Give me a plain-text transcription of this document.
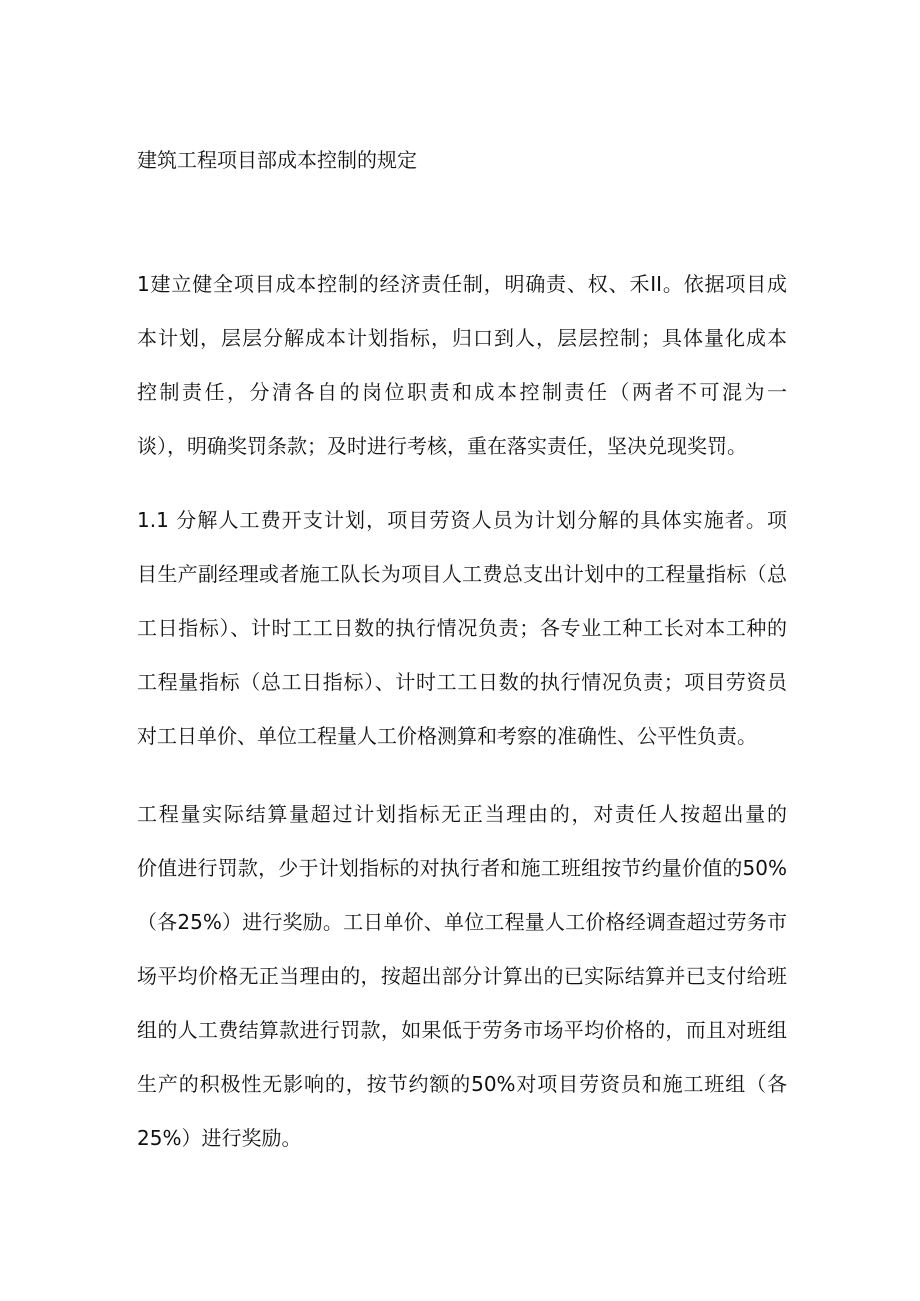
建筑工程项目部成本控制的规定
1建立健全项目成本控制的经济责任制，明确责、权、禾II。依据项目成
本计划，层层分解成本计划指标，归口到人，层层控制；具体量化成本
控制责任，分清各自的岗位职责和成本控制责任（两者不可混为一
谈），明确奖罚条款；及时进行考核，重在落实责任，坚决兑现奖罚。
1.1 分解人工费开支计划，项目劳资人员为计划分解的具体实施者。项
目生产副经理或者施工队长为项目人工费总支出计划中的工程量指标（总
工日指标）、计时工工日数的执行情况负责；各专业工种工长对本工种的
工程量指标（总工日指标）、计时工工日数的执行情况负责；项目劳资员
对工日单价、单位工程量人工价格测算和考察的准确性、公平性负责。
工程量实际结算量超过计划指标无正当理由的，对责任人按超出量的
价值进行罚款，少于计划指标的对执行者和施工班组按节约量价值的50%
（各25%）进行奖励。工日单价、单位工程量人工价格经调查超过劳务市
场平均价格无正当理由的，按超出部分计算出的已实际结算并已支付给班
组的人工费结算款进行罚款，如果低于劳务市场平均价格的，而且对班组
生产的积极性无影响的，按节约额的50%对项目劳资员和施工班组（各
25%）进行奖励。
